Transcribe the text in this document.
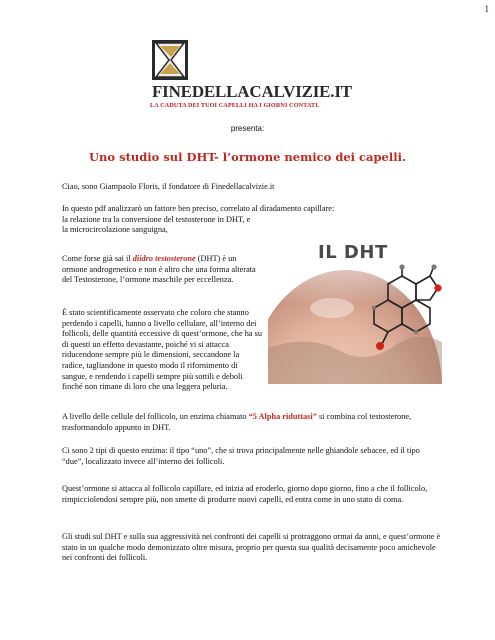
1
FINEDELLACALVIZIE.IT
LA CADUTA DEI TUOI CAPELLI HA I GIORNI CONTATI.
presenta:
Uno studio sul DHT- l’ormone nemico dei capelli.

Ciao, sono Giampaolo Floris, il fondatore di Finedellacalvizie.it

In questo pdf analizzarò un fattore ben preciso, correlato al diradamento capillare:
la relazione tra la conversione del testosterone in DHT, e
la microcircolazione sanguigna,

Come forse già sai il diidro testosterone (DHT) è un ormone androgenetico e non è altro che una forma alterata del Testosterone, l’ormone maschile per eccellenza.

È stato scientificamente osservato che coloro che stanno perdendo i capelli, hanno a livello cellulare, all’interno dei follicoli, delle quantità eccessive di quest’ormone, che ha su di questi un effetto devastante, poiché vi si attacca riducendone sempre più le dimensioni, seccandone la radice, tagliandone in questo modo il rifornimento di sangue, e rendendo i capelli sempre più sottili e deboli finché non rimane di loro che una leggera peluria.

IL DHT

A livello delle cellule del follicolo, un enzima chiamato “5 Alpha riduttasi” si combina col testosterone, trasformandolo appunto in DHT.

Ci sono 2 tipi di questo enzima: il tipo “uno”, che si trova principalmente nelle ghiandole sebacee, ed il tipo “due”, localizzato invece all’interno dei follicoli.

Quest’ormone si attacca al follicolo capillare, ed inizia ad eroderlo, giorno dopo giorno, fino a che il follicolo, rimpicciolendosi sempre più, non smette di produrre nuovi capelli, ed entra come in uno stato di coma.

Gli studi sul DHT e sulla sua aggressività nei confronti dei capelli si protraggono ormai da anni, e quest’ormone è stato in un qualche modo demonizzato oltre misura, proprio per questa sua qualità decisamente poco amichevole nei confronti dei follicoli.
